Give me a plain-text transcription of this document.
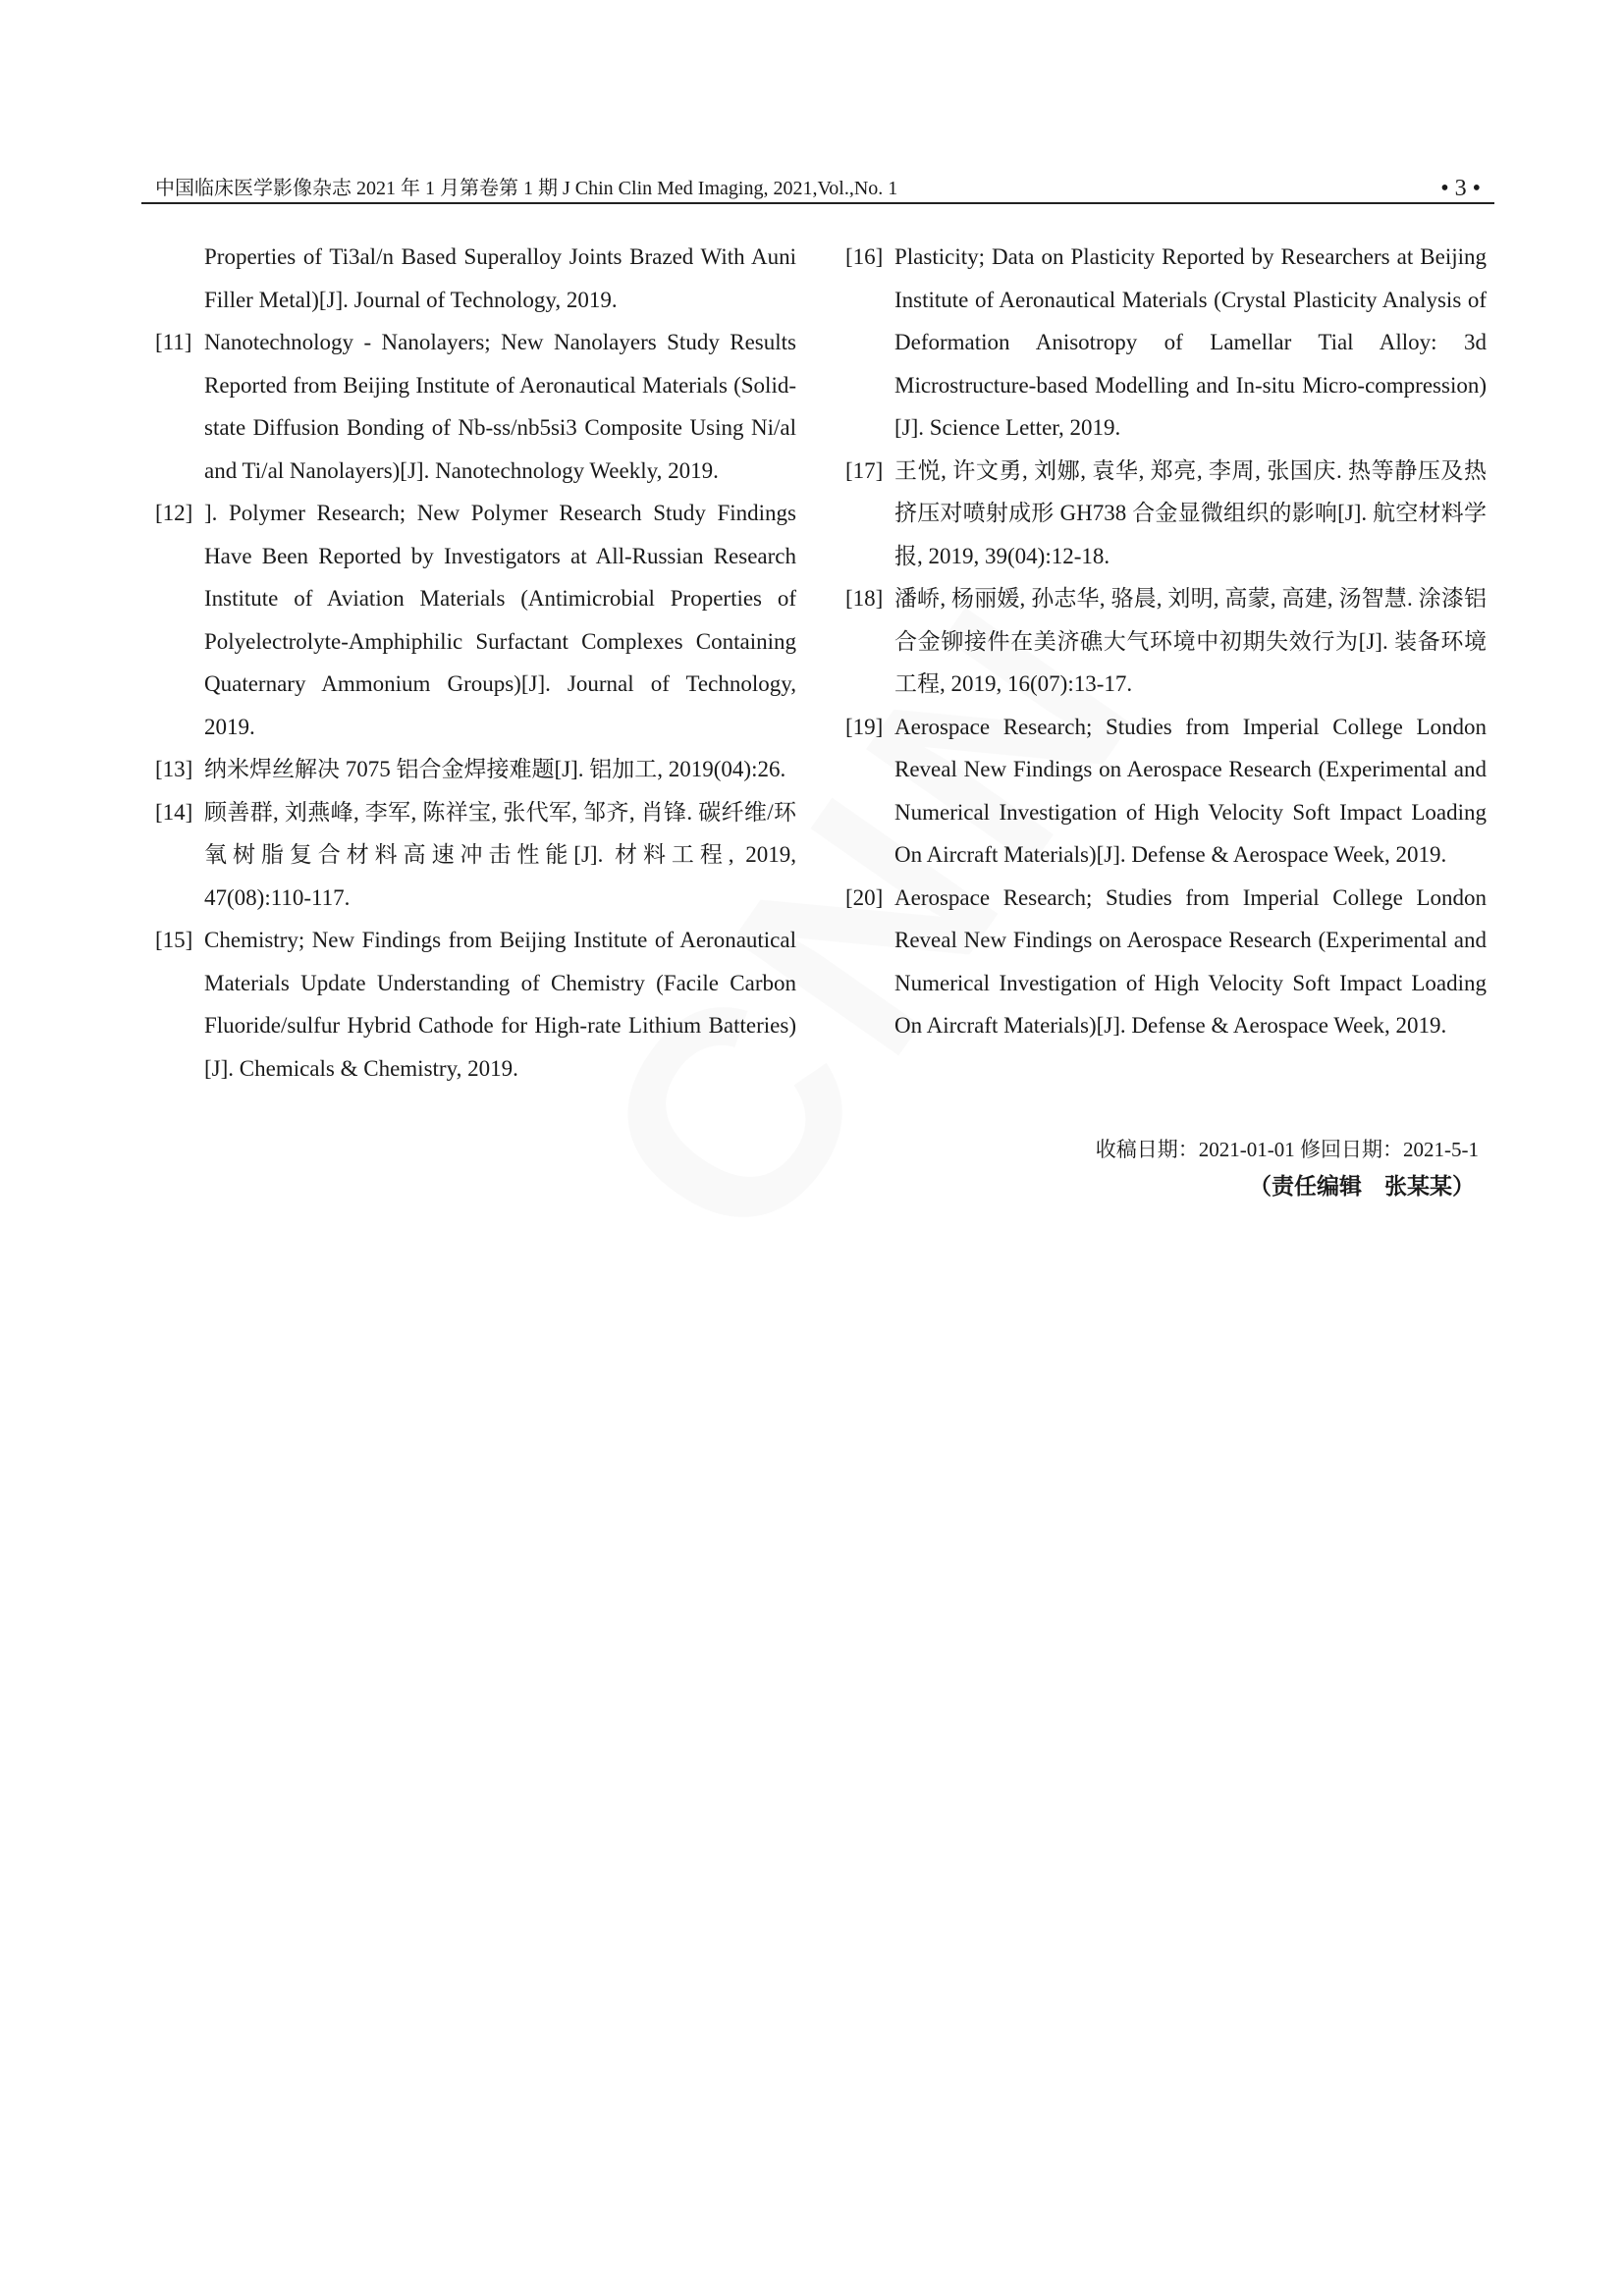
中国临床医学影像杂志 2021 年 1 月第卷第 1 期 J Chin Clin Med Imaging, 2021,Vol.,No. 1	• 3 •
Properties of Ti3al/n Based Superalloy Joints Brazed With Auni Filler Metal)[J]. Journal of Technology, 2019.
[11] Nanotechnology - Nanolayers; New Nanolayers Study Results Reported from Beijing Institute of Aeronautical Materials (Solid-state Diffusion Bonding of Nb-ss/nb5si3 Composite Using Ni/al and Ti/al Nanolayers)[J]. Nanotechnology Weekly, 2019.
[12] ]. Polymer Research; New Polymer Research Study Findings Have Been Reported by Investigators at All-Russian Research Institute of Aviation Materials (Antimicrobial Properties of Polyelectrolyte-Amphiphilic Surfactant Complexes Containing Quaternary Ammonium Groups)[J]. Journal of Technology, 2019.
[13] 纳米焊丝解决 7075 铝合金焊接难题[J]. 铝加工, 2019(04):26.
[14] 顾善群, 刘燕峰, 李军, 陈祥宝, 张代军, 邹齐, 肖锋. 碳纤维/环氧树脂复合材料高速冲击性能[J]. 材料工程, 2019, 47(08):110-117.
[15] Chemistry; New Findings from Beijing Institute of Aeronautical Materials Update Understanding of Chemistry (Facile Carbon Fluoride/sulfur Hybrid Cathode for High-rate Lithium Batteries)[J]. Chemicals & Chemistry, 2019.
[16] Plasticity; Data on Plasticity Reported by Researchers at Beijing Institute of Aeronautical Materials (Crystal Plasticity Analysis of Deformation Anisotropy of Lamellar Tial Alloy: 3d Microstructure-based Modelling and In-situ Micro-compression)[J]. Science Letter, 2019.
[17] 王悦, 许文勇, 刘娜, 袁华, 郑亮, 李周, 张国庆. 热等静压及热挤压对喷射成形 GH738 合金显微组织的影响[J]. 航空材料学报, 2019, 39(04):12-18.
[18] 潘峤, 杨丽媛, 孙志华, 骆晨, 刘明, 高蒙, 高建, 汤智慧. 涂漆铝合金铆接件在美济礁大气环境中初期失效行为[J]. 装备环境工程, 2019, 16(07):13-17.
[19] Aerospace Research; Studies from Imperial College London Reveal New Findings on Aerospace Research (Experimental and Numerical Investigation of High Velocity Soft Impact Loading On Aircraft Materials)[J]. Defense & Aerospace Week, 2019.
[20] Aerospace Research; Studies from Imperial College London Reveal New Findings on Aerospace Research (Experimental and Numerical Investigation of High Velocity Soft Impact Loading On Aircraft Materials)[J]. Defense & Aerospace Week, 2019.
收稿日期：2021-01-01 修回日期：2021-5-1
（责任编辑　张某某）
